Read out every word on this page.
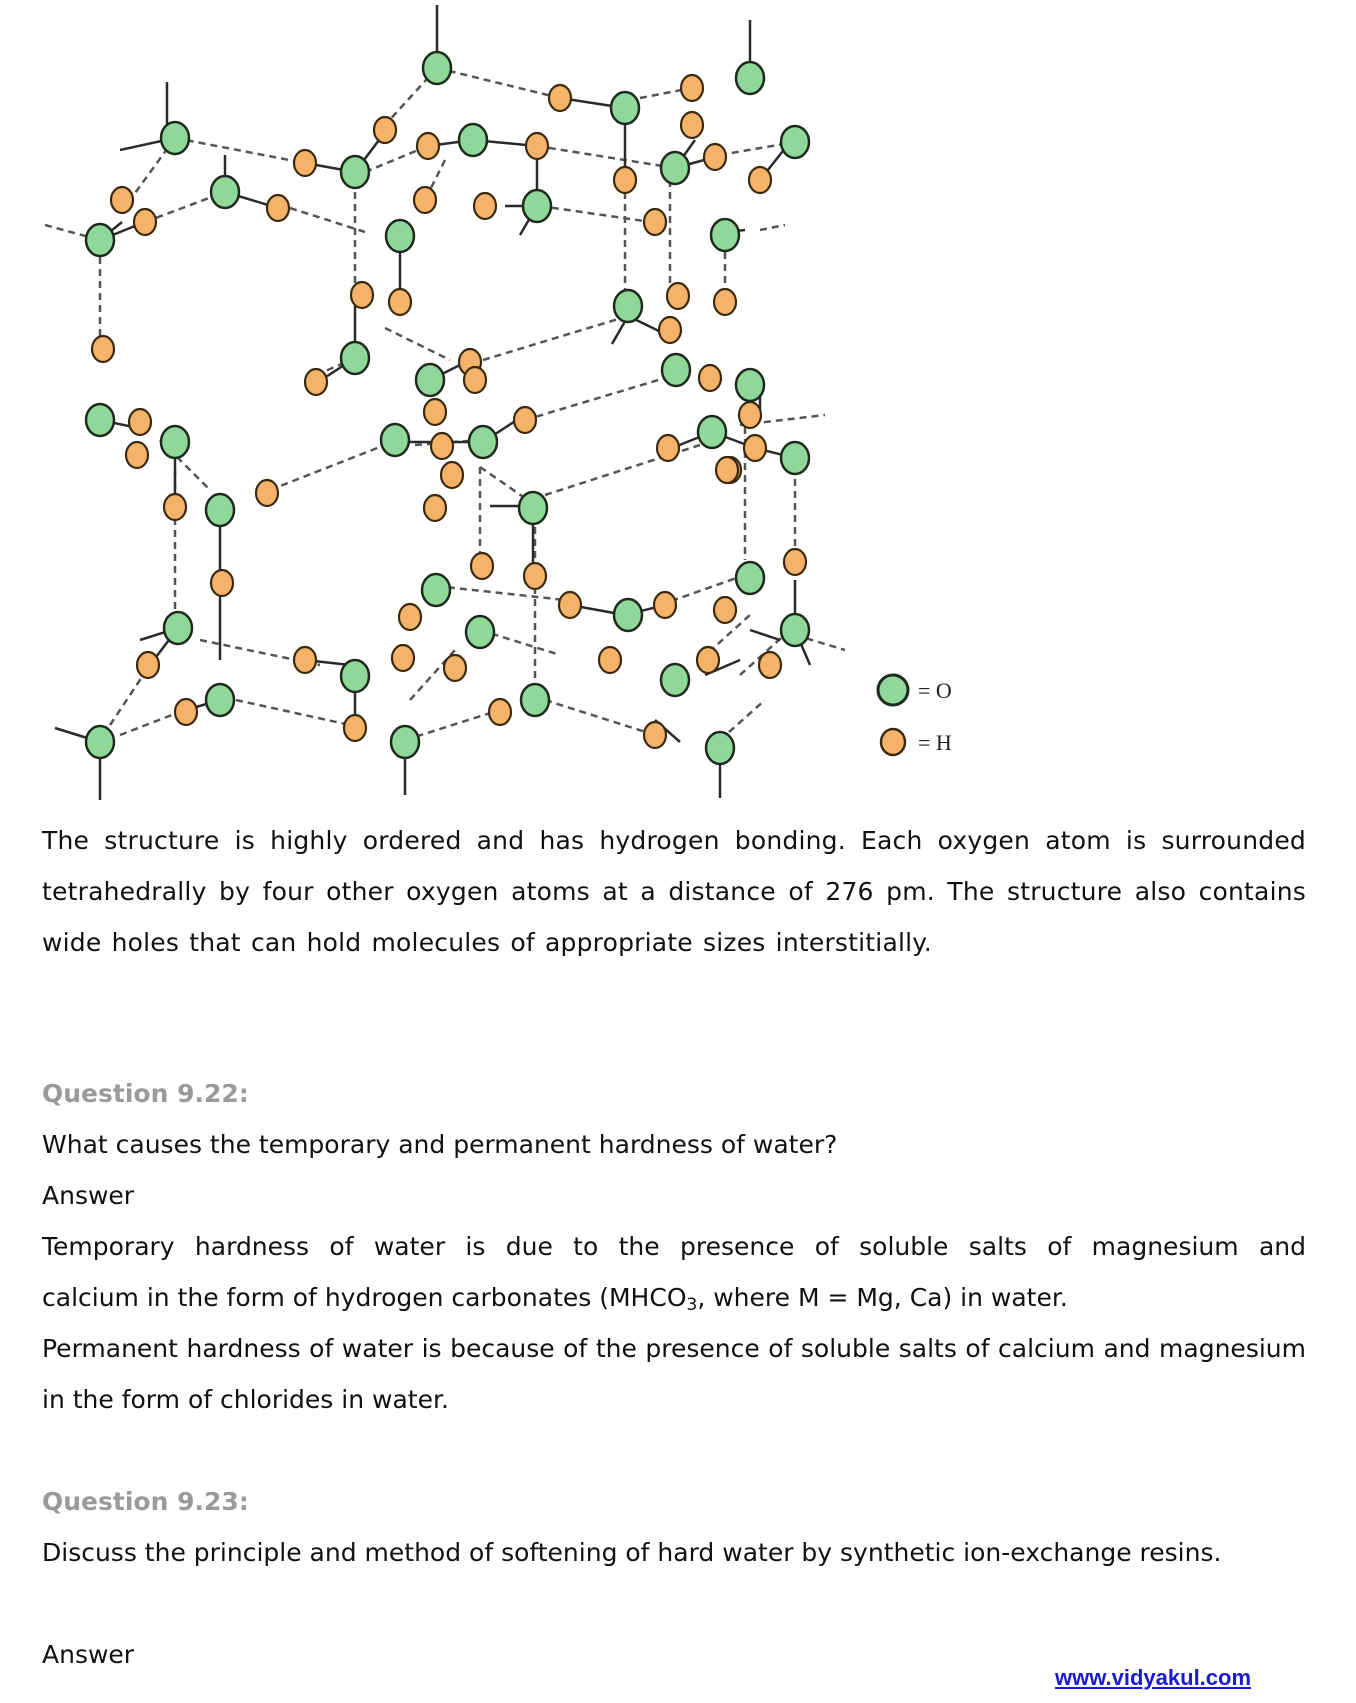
= O
= H

The structure is highly ordered and has hydrogen bonding. Each oxygen atom is surrounded tetrahedrally by four other oxygen atoms at a distance of 276 pm. The structure also contains wide holes that can hold molecules of appropriate sizes interstitially.

Question 9.22:

What causes the temporary and permanent hardness of water?

Answer

Temporary hardness of water is due to the presence of soluble salts of magnesium and

calcium in the form of hydrogen carbonates ($MHCO_3$, where M = Mg, Ca) in water.

Permanent hardness of water is because of the presence of soluble salts of calcium and magnesium in the form of chlorides in water.

Question 9.23:

Discuss the principle and method of softening of hard water by synthetic ion-exchange resins.

Answer

www.vidyakul.com
